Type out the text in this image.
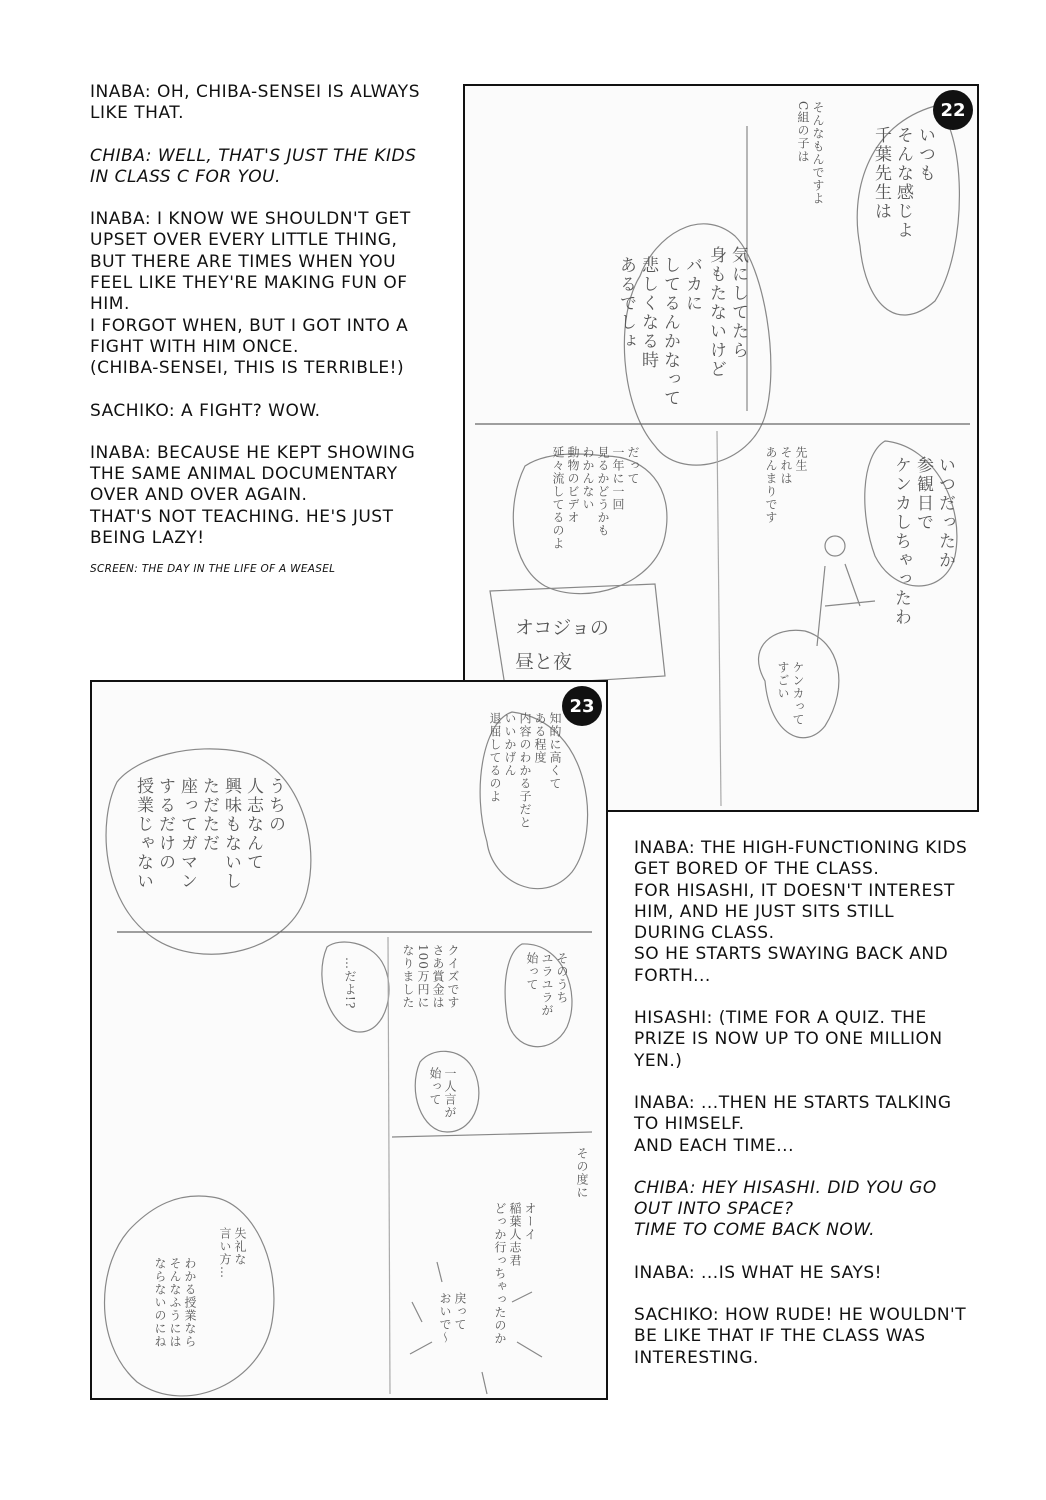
INABA: OH, CHIBA-SENSEI IS ALWAYS
LIKE THAT.
CHIBA: WELL, THAT'S JUST THE KIDS
IN CLASS C FOR YOU.
INABA: I KNOW WE SHOULDN'T GET
UPSET OVER EVERY LITTLE THING,
BUT THERE ARE TIMES WHEN YOU
FEEL LIKE THEY'RE MAKING FUN OF
HIM.
I FORGOT WHEN, BUT I GOT INTO A
FIGHT WITH HIM ONCE.
(CHIBA-SENSEI, THIS IS TERRIBLE!)
SACHIKO: A FIGHT? WOW.
INABA: BECAUSE HE KEPT SHOWING
THE SAME ANIMAL DOCUMENTARY
OVER AND OVER AGAIN.
THAT'S NOT TEACHING. HE'S JUST
BEING LAZY!
SCREEN: THE DAY IN THE LIFE OF A WEASEL
22
いつも
そんな感じよ
千葉先生は
そんなもんですよ
C組の子は
気にしてたら
身もたないけど
バカに
してるんかなって
悲しくなる時
あるでしょ
いつだったか
参観日で
ケンカしちゃったわ
先生
それは
あんまりです
だって
一年に一回
見るかどうかも
わかんない
動物のビデオ
延々流してるのよ
オコジョの
昼と夜	ケンカって
すごい
23
知的に高くて
ある程度
内容のわかる子だと
いいかげん
退屈してるのよ
うちの
人志なんて
興味もないし
ただただ
座ってガマン
するだけの
授業じゃない
そのうち
ユラユラが
始って
クイズです
さあ賞金は
100万円に
なりました
…だよ!?
一人言が
始って
その度に
オーイ
稲葉人志君
どっか行っちゃったのか
戻って
おいで〜
失礼な
言い方…
わかる授業なら
そんなふうには
ならないのにね
INABA: THE HIGH-FUNCTIONING KIDS
GET BORED OF THE CLASS.
FOR HISASHI, IT DOESN'T INTEREST
HIM, AND HE JUST SITS STILL
DURING CLASS.
SO HE STARTS SWAYING BACK AND
FORTH...
HISASHI: (TIME FOR A QUIZ. THE
PRIZE IS NOW UP TO ONE MILLION
YEN.)
INABA: ...THEN HE STARTS TALKING
TO HIMSELF.
AND EACH TIME...
CHIBA: HEY HISASHI. DID YOU GO
OUT INTO SPACE?
TIME TO COME BACK NOW.
INABA: ...IS WHAT HE SAYS!
SACHIKO: HOW RUDE! HE WOULDN'T
BE LIKE THAT IF THE CLASS WAS
INTERESTING.
